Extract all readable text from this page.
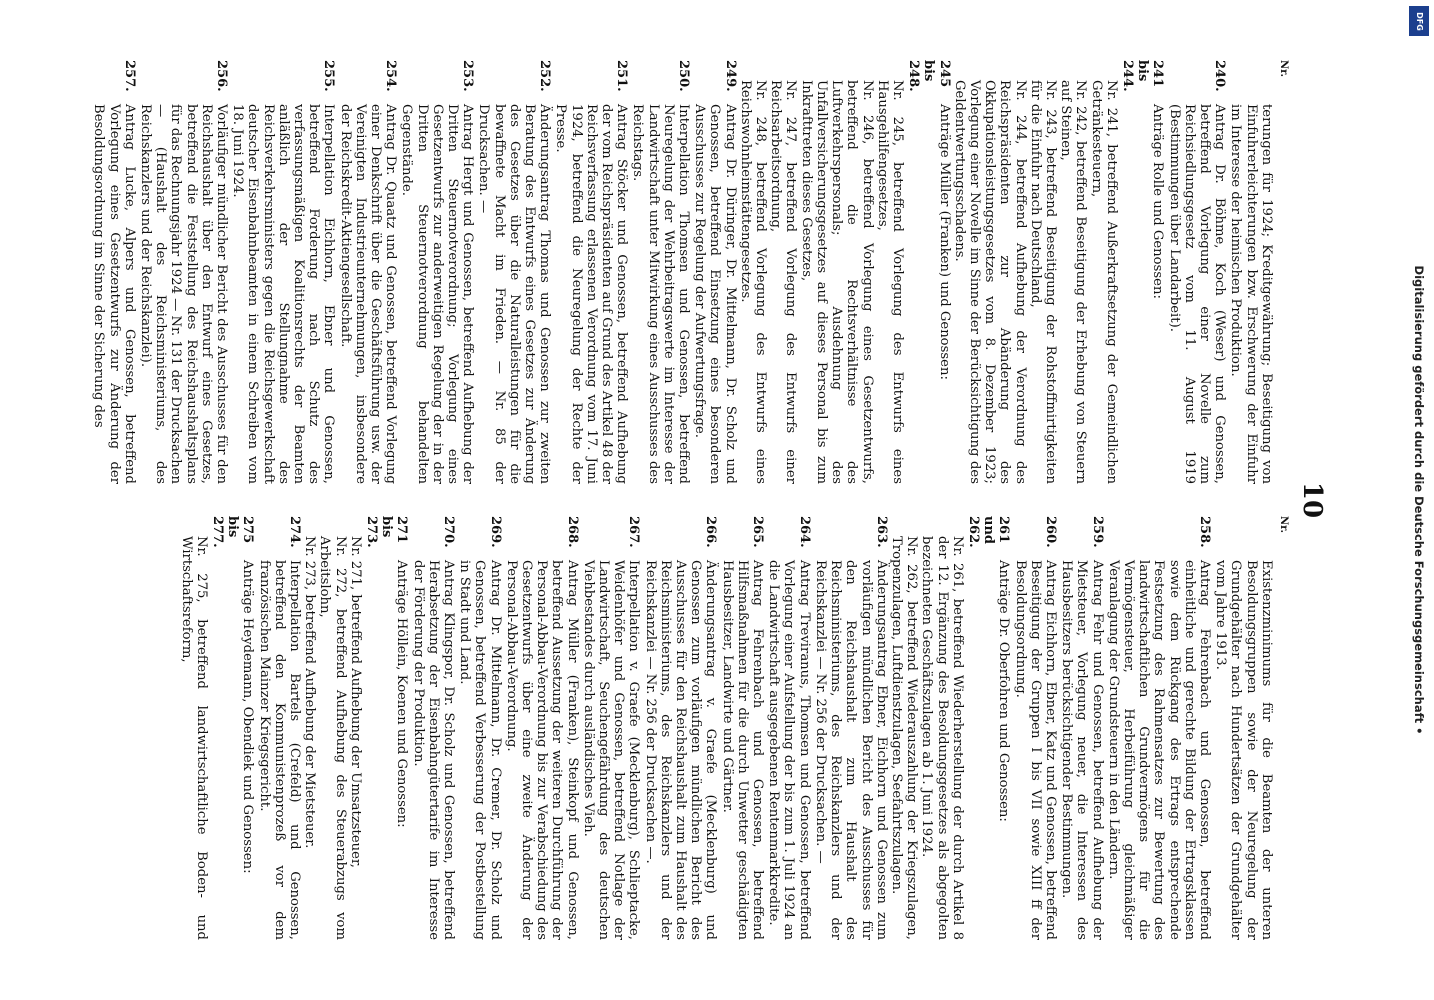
10
Nr.
terungen für 1924; Kreditgewährung; Beseitigung von Einfuhrerleichterungen bzw. Erschwerung der Einfuhr im Interesse der heimischen Produktion.
240.
Antrag Dr. Böhme, Koch (Weser) und Genossen, betreffend Vorlegung einer Novelle zum Reichsiedlungsgesetz vom 11. August 1919 (Bestimmungen über Landarbeit).
241 bis 244.
Anträge Rolle und Genossen:
Nr. 241, betreffend Außerkraftsetzung der Gemeindlichen Getränkesteuern,
Nr. 242, betreffend Beseitigung der Erhebung von Steuern auf Steinen,
Nr. 243, betreffend Beseitigung der Rohstoffmirtigkeiten für die Einfuhr nach Deutschland,
Nr. 244, betreffend Aufhebung der Verordnung des Reichspräsidenten zur Abänderung des Okkupationsleistungsgesetzes vom 8. Dezember 1923; Vorlegung einer Novelle im Sinne der Berücksichtigung des Geldentwertungsschadens.
245 bis 248.
Anträge Müller (Franken) und Genossen:
Nr. 245, betreffend Vorlegung des Entwurfs eines Hausgehilfengesetzes,
Nr. 246, betreffend Vorlegung eines Gesetzentwurfs, betreffend die Rechtsverhältnisse des Luftverkehrspersonals; Ausdehnung des Unfallversicherungsgesetzes auf dieses Personal bis zum Inkrafttreten dieses Gesetzes,
Nr. 247, betreffend Vorlegung des Entwurfs einer Reichsarbeitsordnung,
Nr. 248, betreffend Vorlegung des Entwurfs eines Reichswohnheimstättengesetzes.
249.
Antrag Dr. Düringer, Dr. Mittelmann, Dr. Scholz und Genossen, betreffend Einsetzung eines besonderen Ausschusses zur Regelung der Aufwertungsfrage.
250.
Interpellation Thomsen und Genossen, betreffend Neuregelung der Wehrbeitragswerte im Interesse der Landwirtschaft unter Mitwirkung eines Ausschusses des Reichstags.
251.
Antrag Stöcker und Genossen, betreffend Aufhebung der vom Reichspräsidenten auf Grund des Artikel 48 der Reichsverfassung erlassenen Verordnung vom 17. Juni 1924, betreffend die Neuregelung der Rechte der Presse.
252.
Änderungsantrag Thomas und Genossen zur zweiten Beratung des Entwurfs eines Gesetzes zur Änderung des Gesetzes über die Naturalleistungen für die bewaffnete Macht im Frieden. — Nr. 85 der Drucksachen. —
253.
Antrag Hergt und Genossen, betreffend Aufhebung der Dritten Steuernotverordnung; Vorlegung eines Gesetzentwurfs zur anderweitigen Regelung der in der Dritten Steuernotverordnung behandelten Gegenstände.
254.
Antrag Dr. Quaatz und Genossen, betreffend Vorlegung einer Denkschrift über die Geschäftsführung usw. der Vereinigten Industrieunternehmungen, insbesondere der Reichskredit-Aktiengesellschaft.
255.
Interpellation Eichhorn, Ebner und Genossen, betreffend Forderung nach Schutz des verfassungsmäßigen Koalitionsrechts der Beamten anläßlich der Stellungnahme des Reichsverkehrsministers gegen die Reichsgewerkschaft deutscher Eisenbahnbeamten in einem Schreiben vom 18. Juni 1924.
256.
Vorläufiger mündlicher Bericht des Ausschusses für den Reichshaushalt über den Entwurf eines Gesetzes, betreffend die Feststellung des Reichshaushaltsplans für das Rechnungsjahr 1924 — Nr. 131 der Drucksachen — (Haushalt des Reichsministeriums, des Reichskanzlers und der Reichskanzlei).
257.
Antrag Lucke, Alpers und Genossen, betreffend Vorlegung eines Gesetzentwurfs zur Änderung der Besoldungsordnung im Sinne der Sicherung des
Nr.
Existenzminimums für die Beamten der unteren Besoldungsgruppen sowie der Neuregelung der Grundgehälter nach Hundertsätzen der Grundgehälter vom Jahre 1913.
258.
Antrag Fehrenbach und Genossen, betreffend einheitliche und gerechte Bildung der Ertragsklassen sowie dem Rückgang des Ertrags entsprechende Festsetzung des Rahmensatzes zur Bewertung des landwirtschaftlichen Grundvermögens für die Vermögensteuer, Herbeiführung gleichmäßiger Veranlagung der Grundsteuern in den Ländern.
259.
Antrag Fehr und Genossen, betreffend Aufhebung der Mietsteuer, Vorlegung neuer, die Interessen des Hausbesitzers berücksichtigender Bestimmungen.
260.
Antrag Eichhorn, Ebner, Katz und Genossen, betreffend Beseitigung der Gruppen I bis VII sowie XIII ff der Besoldungsordnung.
261 und 262.
Anträge Dr. Oberfohren und Genossen:
Nr. 261, betreffend Wiederherstellung der durch Artikel 8 der 12. Ergänzung des Besoldungsgesetzes als abgegolten bezeichneten Geschäftszulagen ab 1. Juni 1924.
Nr. 262, betreffend Wiederauszahlung der Kriegszulagen, Tropenzulagen, Luftdienstzulagen, Seefahrtszulagen.
263.
Änderungsantrag Ebner, Eichhorn und Genossen zum vorläufigen mündlichen Bericht des Ausschusses für den Reichshaushalt zum Haushalt des Reichsministeriums, des Reichskanzlers und der Reichskanzlei — Nr. 256 der Drucksachen. —
264.
Antrag Treviranus, Thomsen und Genossen, betreffend Vorlegung einer Aufstellung der bis zum 1. Juli 1924 an die Landwirtschaft ausgegebenen Rentenmarkkredite.
265.
Antrag Fehrenbach und Genossen, betreffend Hilfsmaßnahmen für die durch Unwetter geschädigten Hausbesitzer, Landwirte und Gärtner.
266.
Änderungsantrag v. Graefe (Mecklenburg) und Genossen zum vorläufigen mündlichen Bericht des Ausschusses für den Reichshaushalt zum Haushalt des Reichsministeriums, des Reichskanzlers und der Reichskanzlei — Nr. 256 der Drucksachen —.
267.
Interpellation v. Graefe (Mecklenburg), Schlieptacke, Weidenhöfer und Genossen, betreffend Notlage der Landwirtschaft, Seuchengefährdung des deutschen Viehbestandes durch ausländisches Vieh.
268.
Antrag Müller (Franken), Steinkopf und Genossen, betreffend Aussetzung der weiteren Durchführung der Personal-Abbau-Verordnung bis zur Verabschiedung des Gesetzentwurfs über eine zweite Änderung der Personal-Abbau-Verordnung.
269.
Antrag Dr. Mittelmann, Dr. Cremer, Dr. Scholz und Genossen, betreffend Verbesserung der Postbestellung in Stadt und Land.
270.
Antrag Klingspor, Dr. Scholz und Genossen, betreffend Herabsetzung der Eisenbahngütertarife im Interesse der Förderung der Produktion.
271 bis 273.
Anträge Höllein, Koenen und Genossen:
Nr. 271, betreffend Aufhebung der Umsatzsteuer,
Nr. 272, betreffend Aufhebung des Steuerabzugs vom Arbeitslohn,
Nr. 273, betreffend Aufhebung der Mietsteuer.
274.
Interpellation Bartels (Crefeld) und Genossen, betreffend den Kommunistenprozeß vor dem französischen Mainzer Kriegsgericht.
275 bis 277.
Anträge Heydemann, Obendiek und Genossen:
Nr. 275, betreffend landwirtschaftliche Boden- und Wirtschaftsreform,
DFG
Digitalisierung gefördert durch die Deutsche Forschungsgemeinschaft •
